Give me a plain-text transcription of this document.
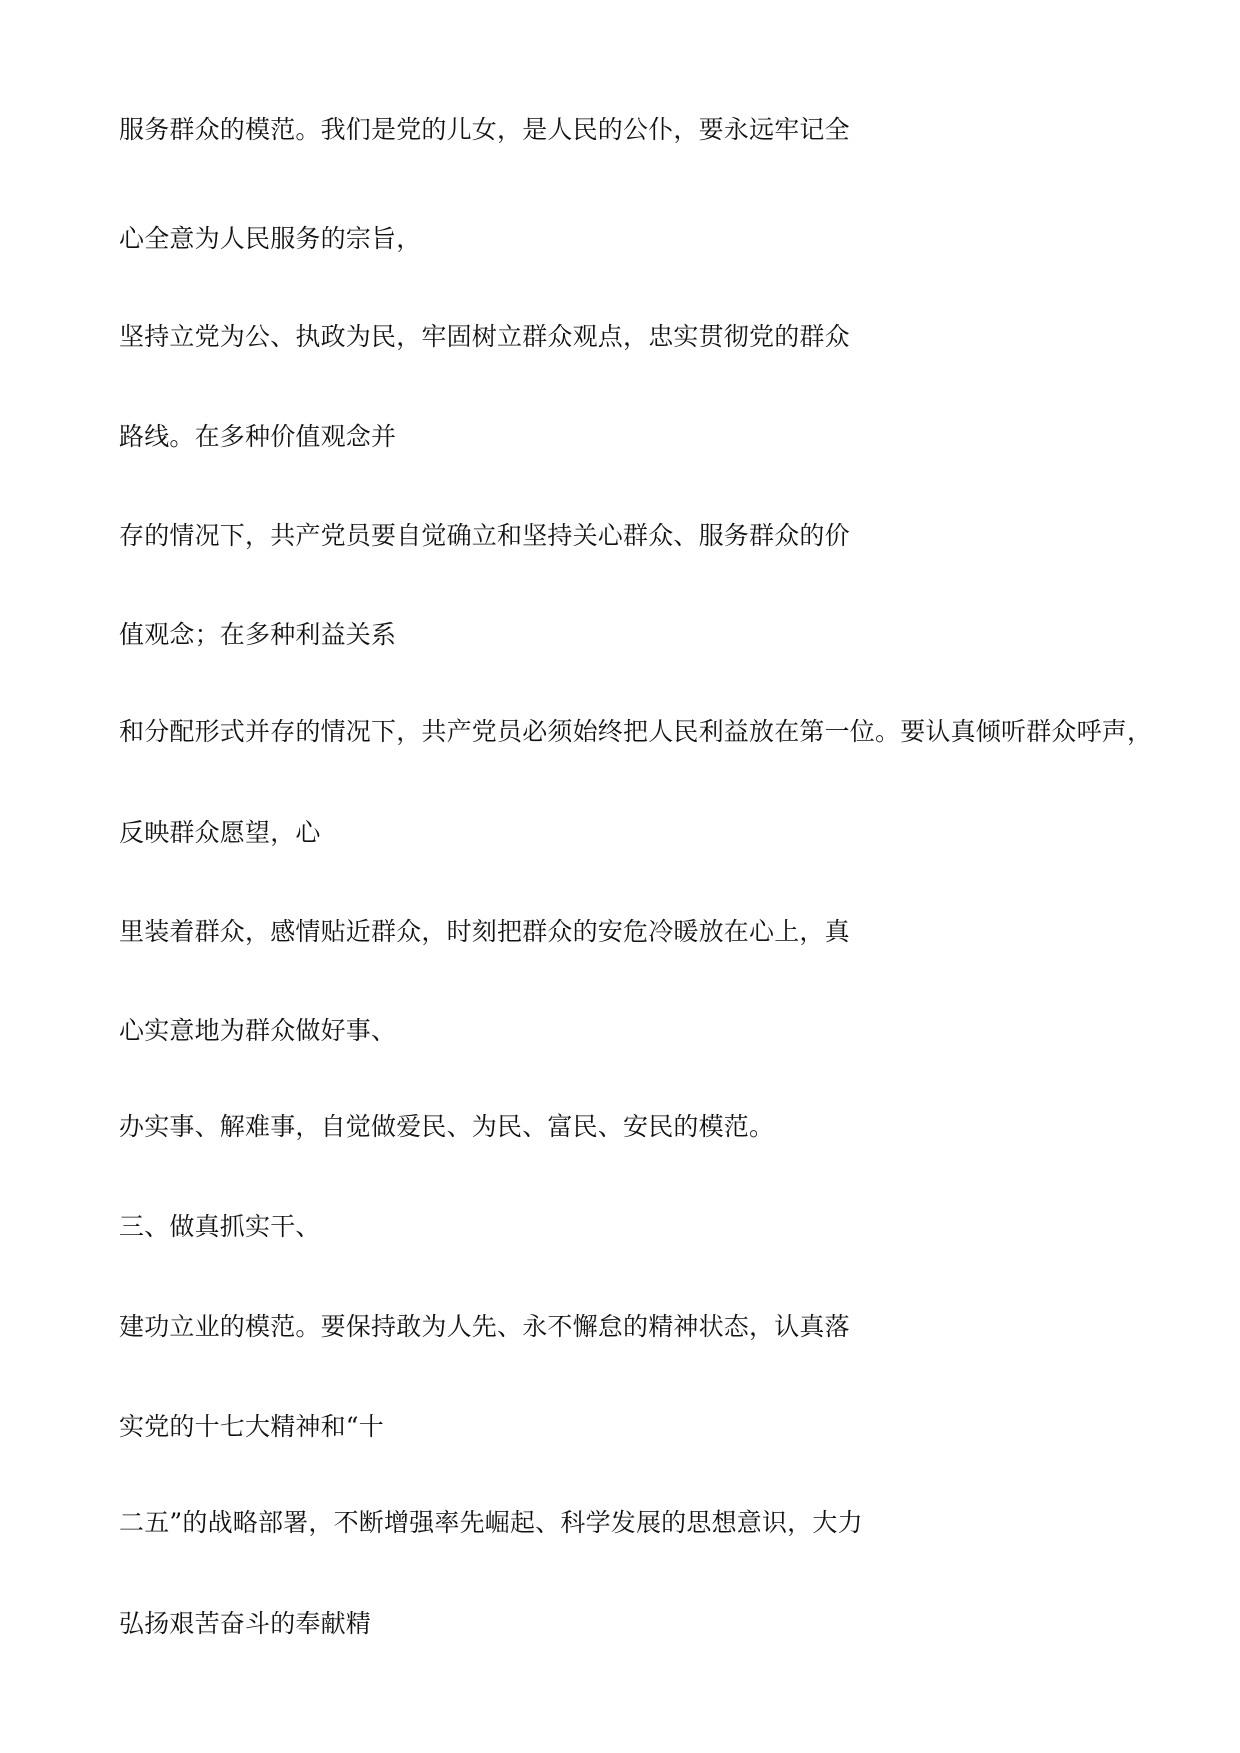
服务群众的模范。我们是党的儿女，是人民的公仆，要永远牢记全
心全意为人民服务的宗旨，
坚持立党为公、执政为民，牢固树立群众观点，忠实贯彻党的群众
路线。在多种价值观念并
存的情况下，共产党员要自觉确立和坚持关心群众、服务群众的价
值观念；在多种利益关系
和分配形式并存的情况下，共产党员必须始终把人民利益放在第一位。要认真倾听群众呼声，
反映群众愿望，心
里装着群众，感情贴近群众，时刻把群众的安危冷暖放在心上，真
心实意地为群众做好事、
办实事、解难事，自觉做爱民、为民、富民、安民的模范。
三、做真抓实干、
建功立业的模范。要保持敢为人先、永不懈怠的精神状态，认真落
实党的十七大精神和“十
二五”的战略部署，不断增强率先崛起、科学发展的思想意识，大力
弘扬艰苦奋斗的奉献精
